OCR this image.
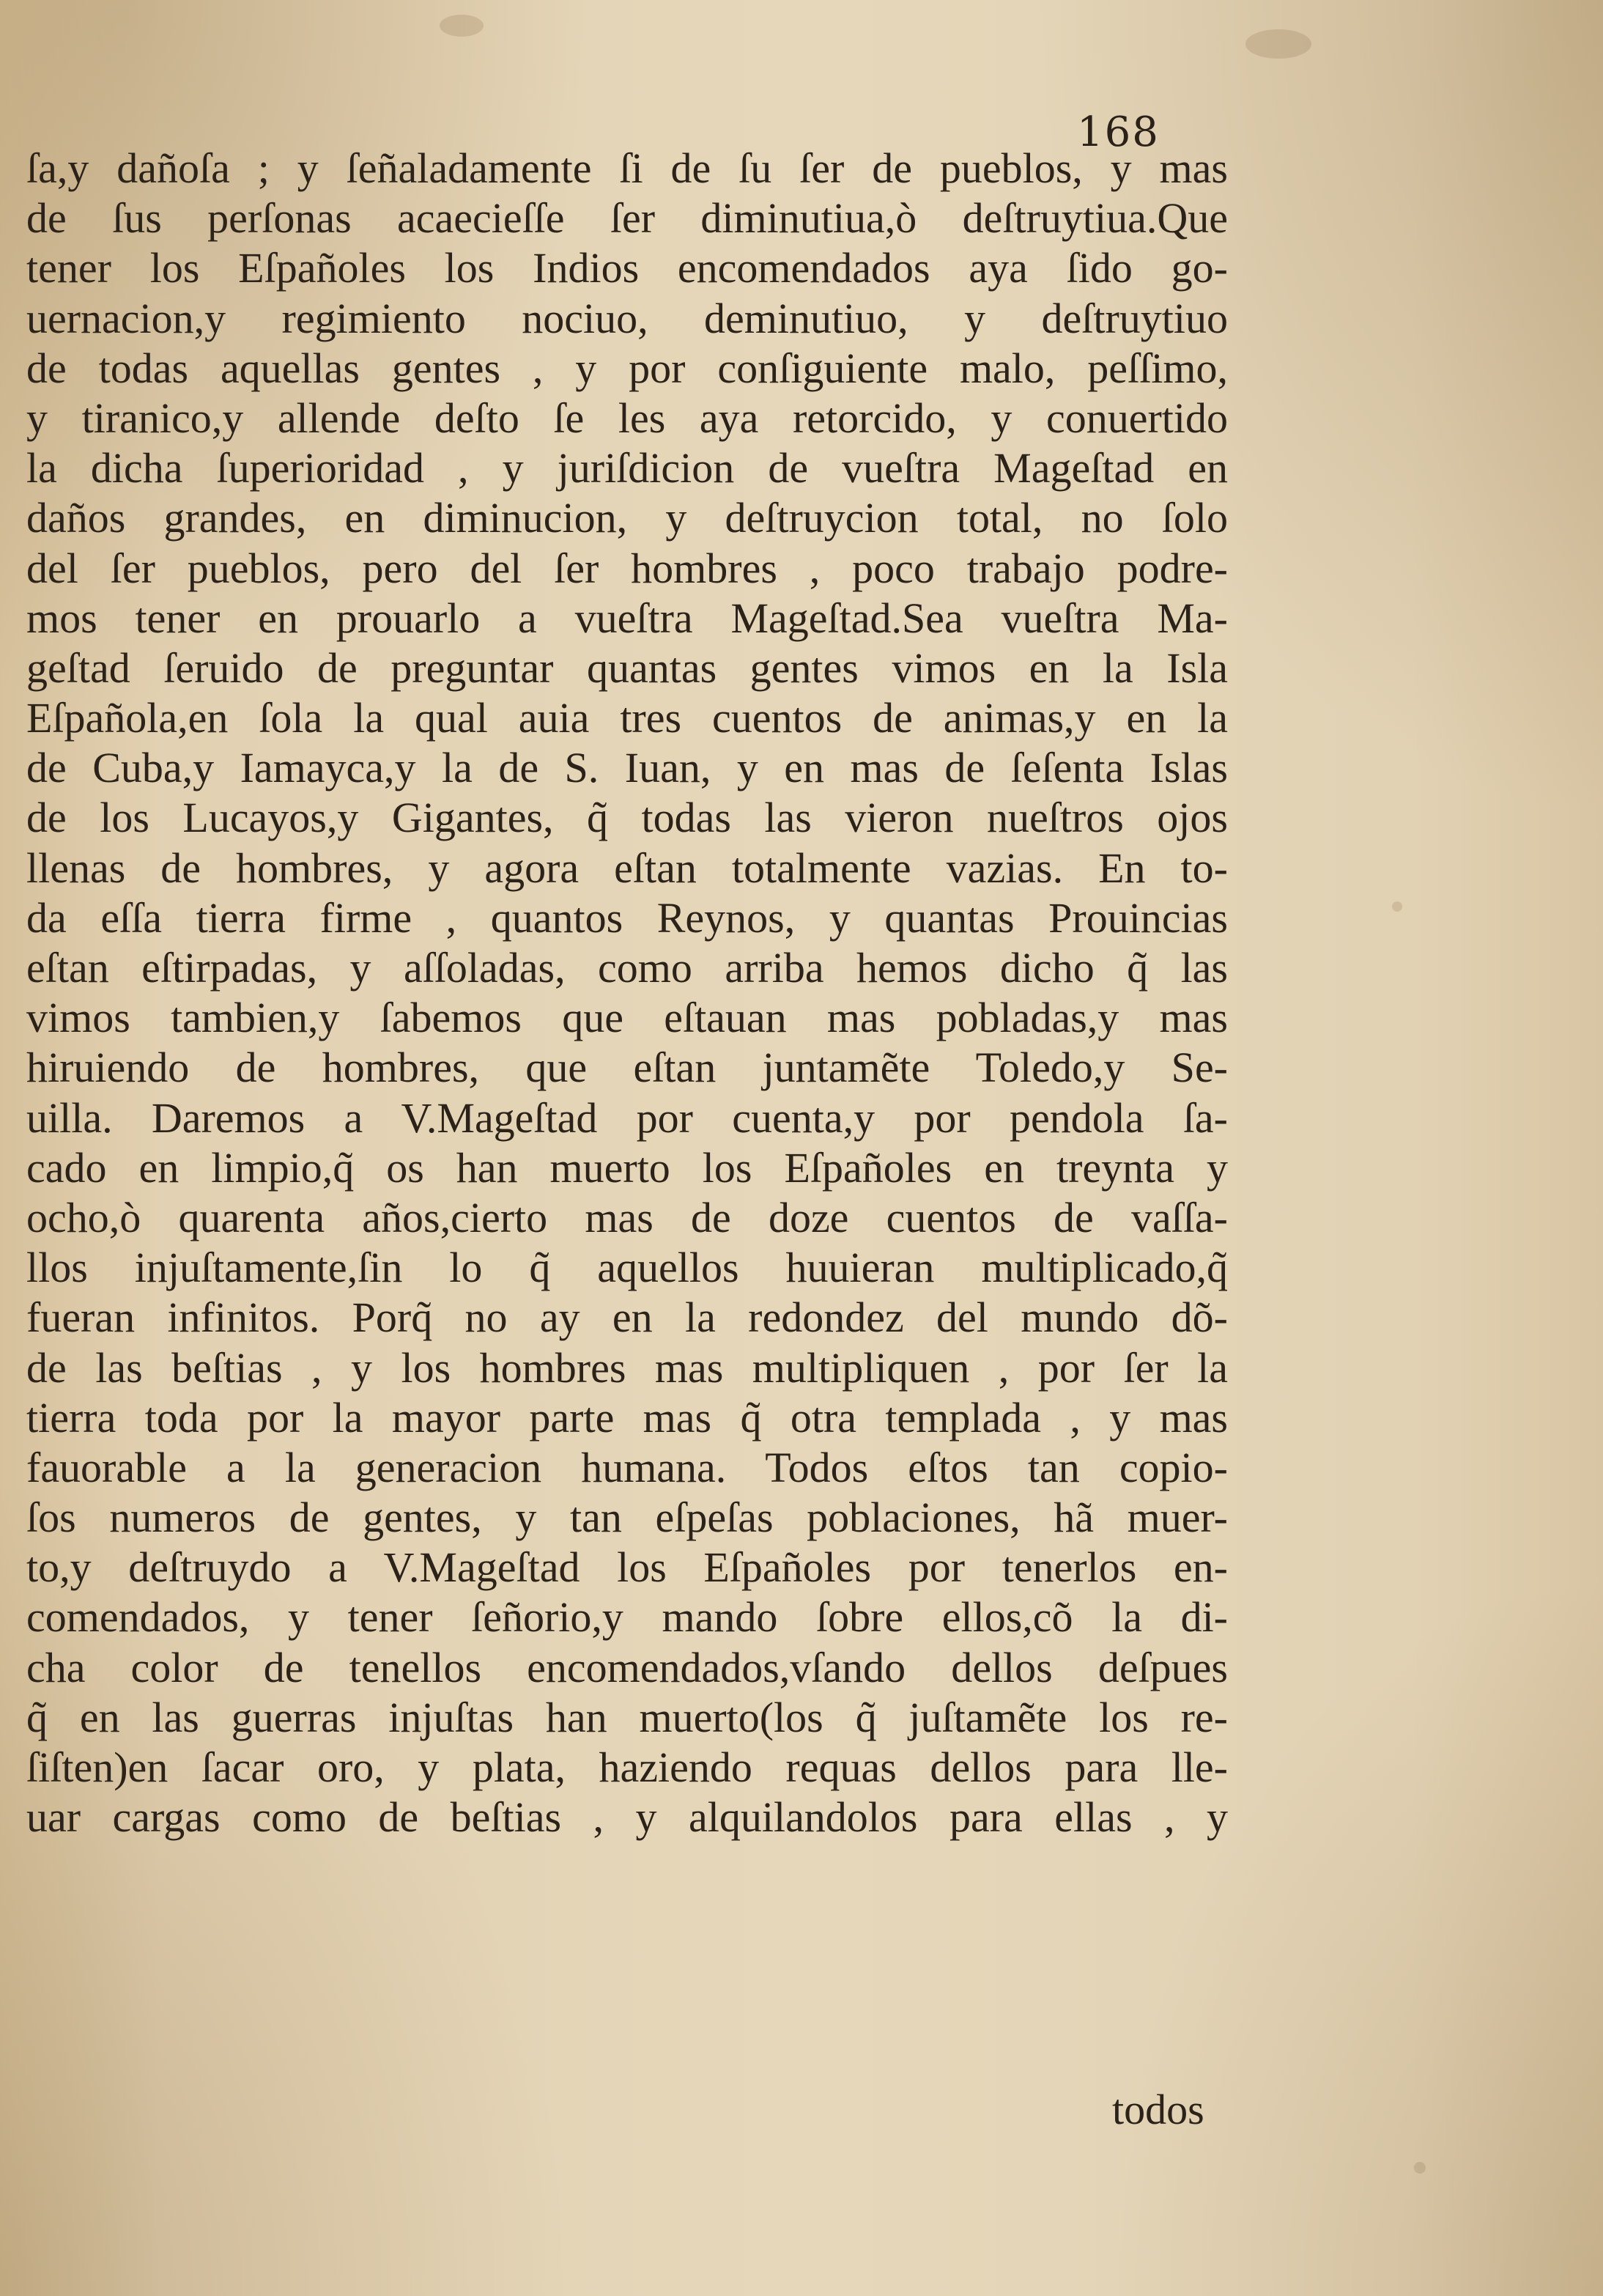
168
ſa,y dañoſa ; y ſeñaladamente ſi de ſu ſer de pueblos, y mas
de ſus perſonas acaecieſſe ſer diminutiua,ò deſtruytiua.Que
tener los Eſpañoles los Indios encomendados aya ſido go-
uernacion,y regimiento nociuo, deminutiuo, y deſtruytiuo
de todas aquellas gentes , y por conſiguiente malo, peſſimo,
y tiranico,y allende deſto ſe les aya retorcido, y conuertido
la dicha ſuperioridad , y juriſdicion de vueſtra Mageſtad en
daños grandes, en diminucion, y deſtruycion total, no ſolo
del ſer pueblos, pero del ſer hombres , poco trabajo podre-
mos tener en prouarlo a vueſtra Mageſtad.Sea vueſtra Ma-
geſtad ſeruido de preguntar quantas gentes vimos en la Isla
Eſpañola,en ſola la qual auia tres cuentos de animas,y en la
de Cuba,y Iamayca,y la de S. Iuan, y en mas de ſeſenta Islas
de los Lucayos,y Gigantes, q̃ todas las vieron nueſtros ojos
llenas de hombres, y agora eſtan totalmente vazias. En to-
da eſſa tierra firme , quantos Reynos, y quantas Prouincias
eſtan eſtirpadas, y aſſoladas, como arriba hemos dicho q̃ las
vimos tambien,y ſabemos que eſtauan mas pobladas,y mas
hiruiendo de hombres, que eſtan juntamẽte Toledo,y Se-
uilla. Daremos a V.Mageſtad por cuenta,y por pendola ſa-
cado en limpio,q̃ os han muerto los Eſpañoles en treynta y
ocho,ò quarenta años,cierto mas de doze cuentos de vaſſa-
llos injuſtamente,ſin lo q̃ aquellos huuieran multiplicado,q̃
fueran infinitos. Porq̃ no ay en la redondez del mundo dõ-
de las beſtias , y los hombres mas multipliquen , por ſer la
tierra toda por la mayor parte mas q̃ otra templada , y mas
fauorable a la generacion humana. Todos eſtos tan copio-
ſos numeros de gentes, y tan eſpeſas poblaciones, hã muer-
to,y deſtruydo a V.Mageſtad los Eſpañoles por tenerlos en-
comendados, y tener ſeñorio,y mando ſobre ellos,cõ la di-
cha color de tenellos encomendados,vſando dellos deſpues
q̃ en las guerras injuſtas han muerto(los q̃ juſtamẽte los re-
ſiſten)en ſacar oro, y plata, haziendo requas dellos para lle-
uar cargas como de beſtias , y alquilandolos para ellas , y
todos
